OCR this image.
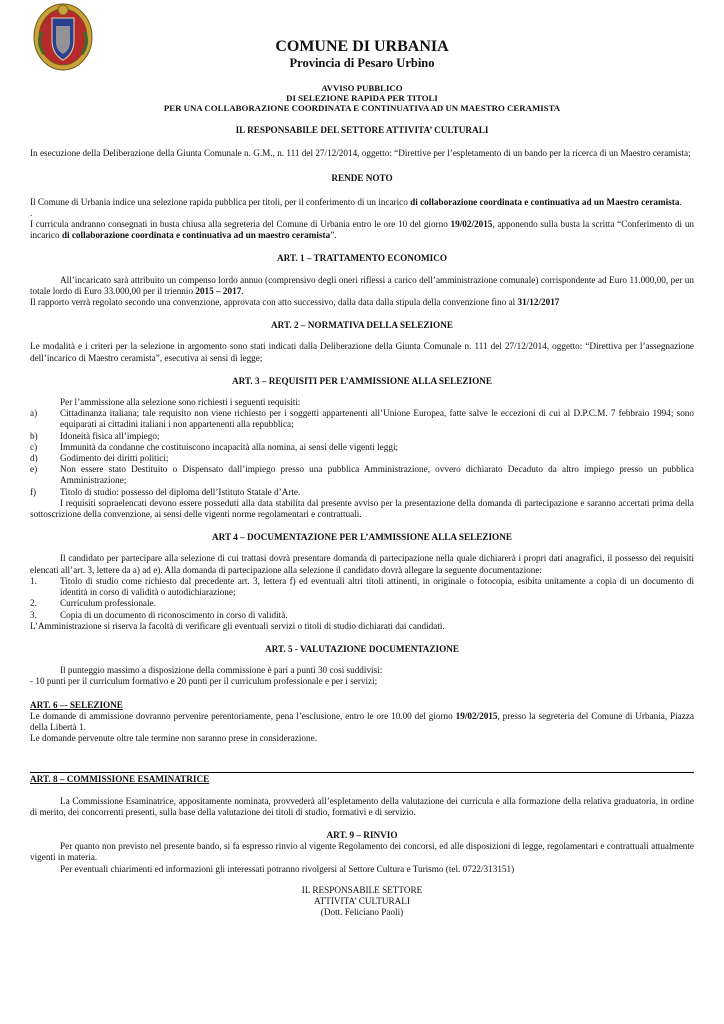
COMUNE DI URBANIA
Provincia di Pesaro Urbino
AVVISO PUBBLICO
DI SELEZIONE RAPIDA PER TITOLI
PER UNA COLLABORAZIONE COORDINATA E CONTINUATIVA AD UN MAESTRO CERAMISTA
IL RESPONSABILE DEL SETTORE ATTIVITA’ CULTURALI

In esecuzione della Deliberazione della Giunta Comunale n. G.M., n. 111 del 27/12/2014, oggetto: “Direttive per l’espletamento di un bando per la ricerca di un Maestro ceramista;

RENDE NOTO

Il Comune di Urbania indice una selezione rapida pubblica per titoli, per il conferimento di un incarico di collaborazione coordinata e continuativa ad un Maestro ceramista.

.

I curricula andranno consegnati in busta chiusa alla segreteria del Comune di Urbania entro le ore 10 del giorno 19/02/2015, apponendo sulla busta la scritta “Conferimento di un incarico di collaborazione coordinata e continuativa ad un maestro ceramista”.

ART. 1 – TRATTAMENTO ECONOMICO

All’incaricato sarà attribuito un compenso lordo annuo (comprensivo degli oneri riflessi a carico dell’amministrazione comunale) corrispondente ad Euro 11.000,00, per un totale lordo di Euro 33.000,00 per il triennio 2015 – 2017.

Il rapporto verrà regolato secondo una convenzione, approvata con atto successivo, dalla data dalla stipula della convenzione fino al 31/12/2017

ART. 2 – NORMATIVA DELLA SELEZIONE

Le modalità e i criteri per la selezione in argomento sono stati indicati dalla Deliberazione della Giunta Comunale n. 111 del 27/12/2014, oggetto: “Direttiva per l’assegnazione dell’incarico di Maestro ceramista”, esecutiva ai sensi di legge;

ART. 3 – REQUISITI PER L’AMMISSIONE ALLA SELEZIONE

Per l’ammissione alla selezione sono richiesti i seguenti requisiti:

a)	Cittadinanza italiana; tale requisito non viene richiesto per i soggetti appartenenti all’Unione Europea, fatte salve le eccezioni di cui al D.P.C.M. 7 febbraio 1994; sono equiparati ai cittadini italiani i non appartenenti alla repubblica;
b)	Idoneità fisica all’impiego;
c)	Immunità da condanne che costituiscono incapacità alla nomina, ai sensi delle vigenti leggi;
d)	Godimento dei diritti politici;
e)	Non essere stato Destituito o Dispensato dall’impiego presso una pubblica Amministrazione, ovvero dichiarato Decaduto da altro impiego presso un pubblica Amministrazione;
f)	Titolo di studio: possesso del diploma dell’Istituto Statale d’Arte.

I requisiti sopraelencati devono essere posseduti alla data stabilita dal presente avviso per la presentazione della domanda di partecipazione e saranno accertati prima della sottoscrizione della convenzione, ai sensi delle vigenti norme regolamentari e contrattuali.

ART 4 – DOCUMENTAZIONE PER L’AMMISSIONE ALLA SELEZIONE

Il candidato per partecipare alla selezione di cui trattasi dovrà presentare domanda di partecipazione nella quale dichiarerà i propri dati anagrafici, il possesso dei requisiti elencati all’art. 3, lettere da a) ad e). Alla domanda di partecipazione alla selezione il candidato dovrà allegare la seguente documentazione:

1.	Titolo di studio come richiesto dal precedente art. 3, lettera f) ed eventuali altri titoli attinenti, in originale o fotocopia, esibita unitamente a copia di un documento di identità in corso di validità o autodichiarazione;
2.	Curriculum professionale.
3.	Copia di un documento di riconoscimento in corso di validità.

L’Amministrazione si riserva la facoltà di verificare gli eventuali servizi o titoli di studio dichiarati dai candidati.

ART. 5 - VALUTAZIONE DOCUMENTAZIONE

Il punteggio massimo a disposizione della commissione è pari a punti 30 così suddivisi:

- 10 punti per il curriculum formativo e 20 punti per il curriculum professionale e per i servizi;

ART. 6 –- SELEZIONE

Le domande di ammissione dovranno pervenire perentoriamente, pena l’esclusione, entro le ore 10.00 del giorno 19/02/2015, presso la segreteria del Comune di Urbania, Piazza della Libertà 1.

Le domande pervenute oltre tale termine non saranno prese in considerazione.

ART. 8 – COMMISSIONE ESAMINATRICE

La Commissione Esaminatrice, appositamente nominata, provvederà all’espletamento della valutazione dei curricula e alla formazione della relativa graduatoria, in ordine di merito, dei concorrenti presenti, sulla base della valutazione dei titoli di studio, formativi e di servizio.

ART. 9 – RINVIO

Per quanto non previsto nel presente bando, si fa espresso rinvio al vigente Regolamento dei concorsi, ed alle disposizioni di legge, regolamentari e contrattuali attualmente vigenti in materia.

Per eventuali chiarimenti ed informazioni gli interessati potranno rivolgersi al Settore Cultura e Turismo (tel. 0722/313151)

IL RESPONSABILE SETTORE
ATTIVITA’ CULTURALI
(Dott. Feliciano Paoli)
